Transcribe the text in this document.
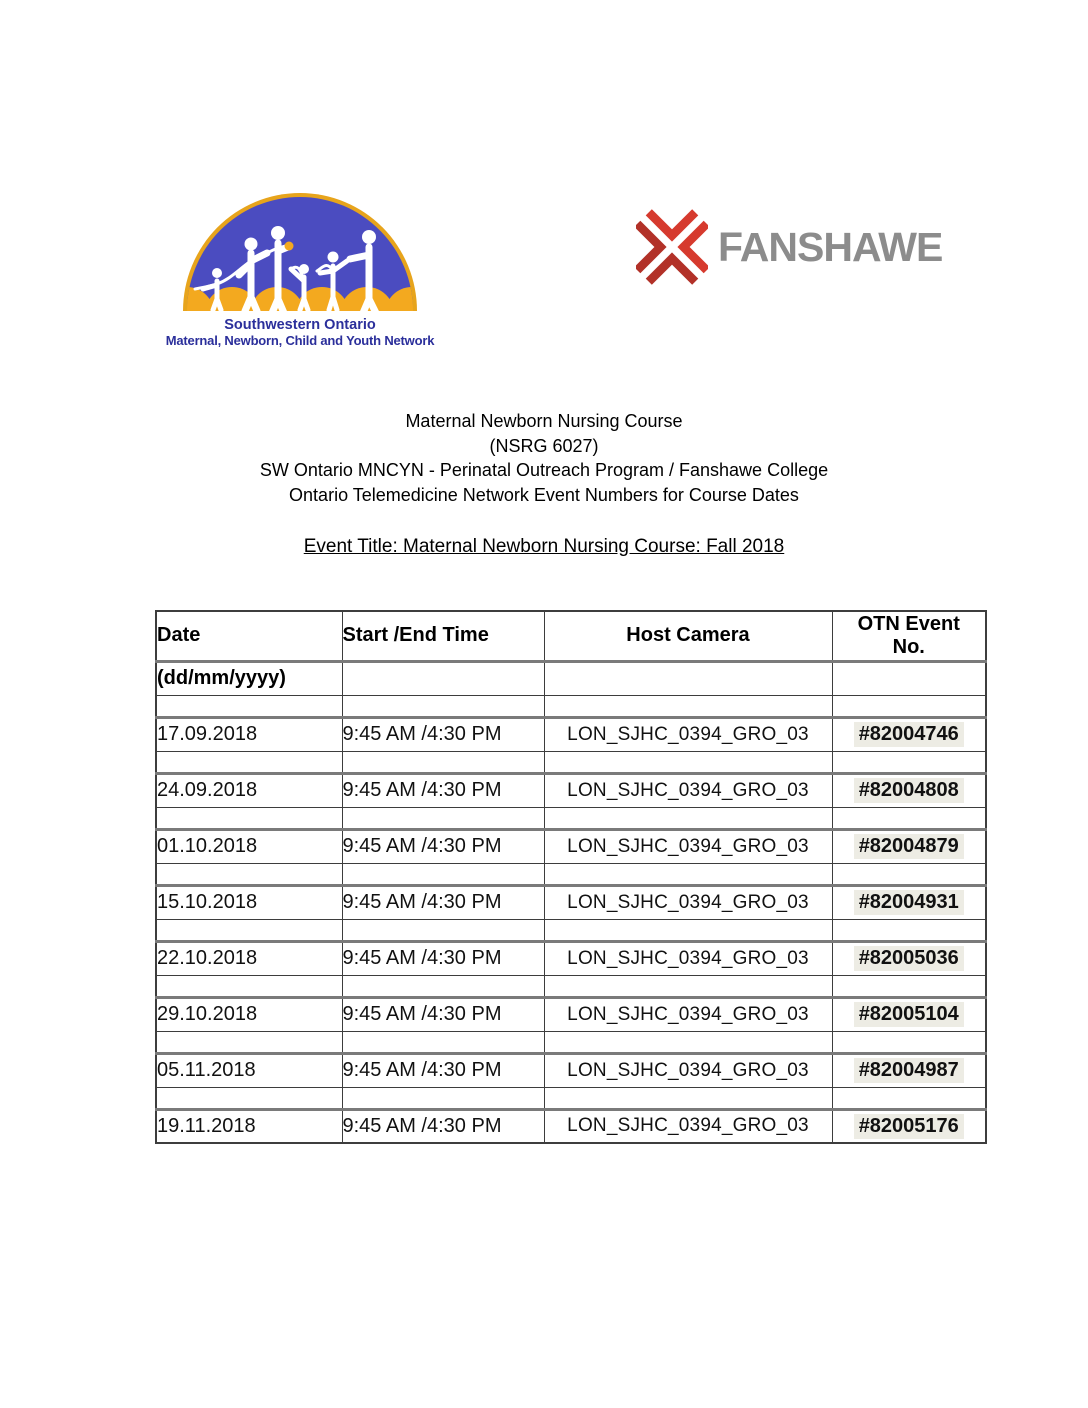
Southwestern Ontario
Maternal, Newborn, Child and Youth Network
FANSHAWE
Maternal Newborn Nursing Course
(NSRG 6027)
SW Ontario MNCYN - Perinatal Outreach Program / Fanshawe College
Ontario Telemedicine Network Event Numbers for Course Dates
Event Title: Maternal Newborn Nursing Course: Fall 2018
Date	Start /End Time	Host Camera	OTN Event No.
(dd/mm/yyyy)			

17.09.2018	9:45 AM /4:30 PM	LON_SJHC_0394_GRO_03	#82004746

24.09.2018	9:45 AM /4:30 PM	LON_SJHC_0394_GRO_03	#82004808

01.10.2018	9:45 AM /4:30 PM	LON_SJHC_0394_GRO_03	#82004879

15.10.2018	9:45 AM /4:30 PM	LON_SJHC_0394_GRO_03	#82004931

22.10.2018	9:45 AM /4:30 PM	LON_SJHC_0394_GRO_03	#82005036

29.10.2018	9:45 AM /4:30 PM	LON_SJHC_0394_GRO_03	#82005104

05.11.2018	9:45 AM /4:30 PM	LON_SJHC_0394_GRO_03	#82004987

19.11.2018	9:45 AM /4:30 PM	LON_SJHC_0394_GRO_03	#82005176
